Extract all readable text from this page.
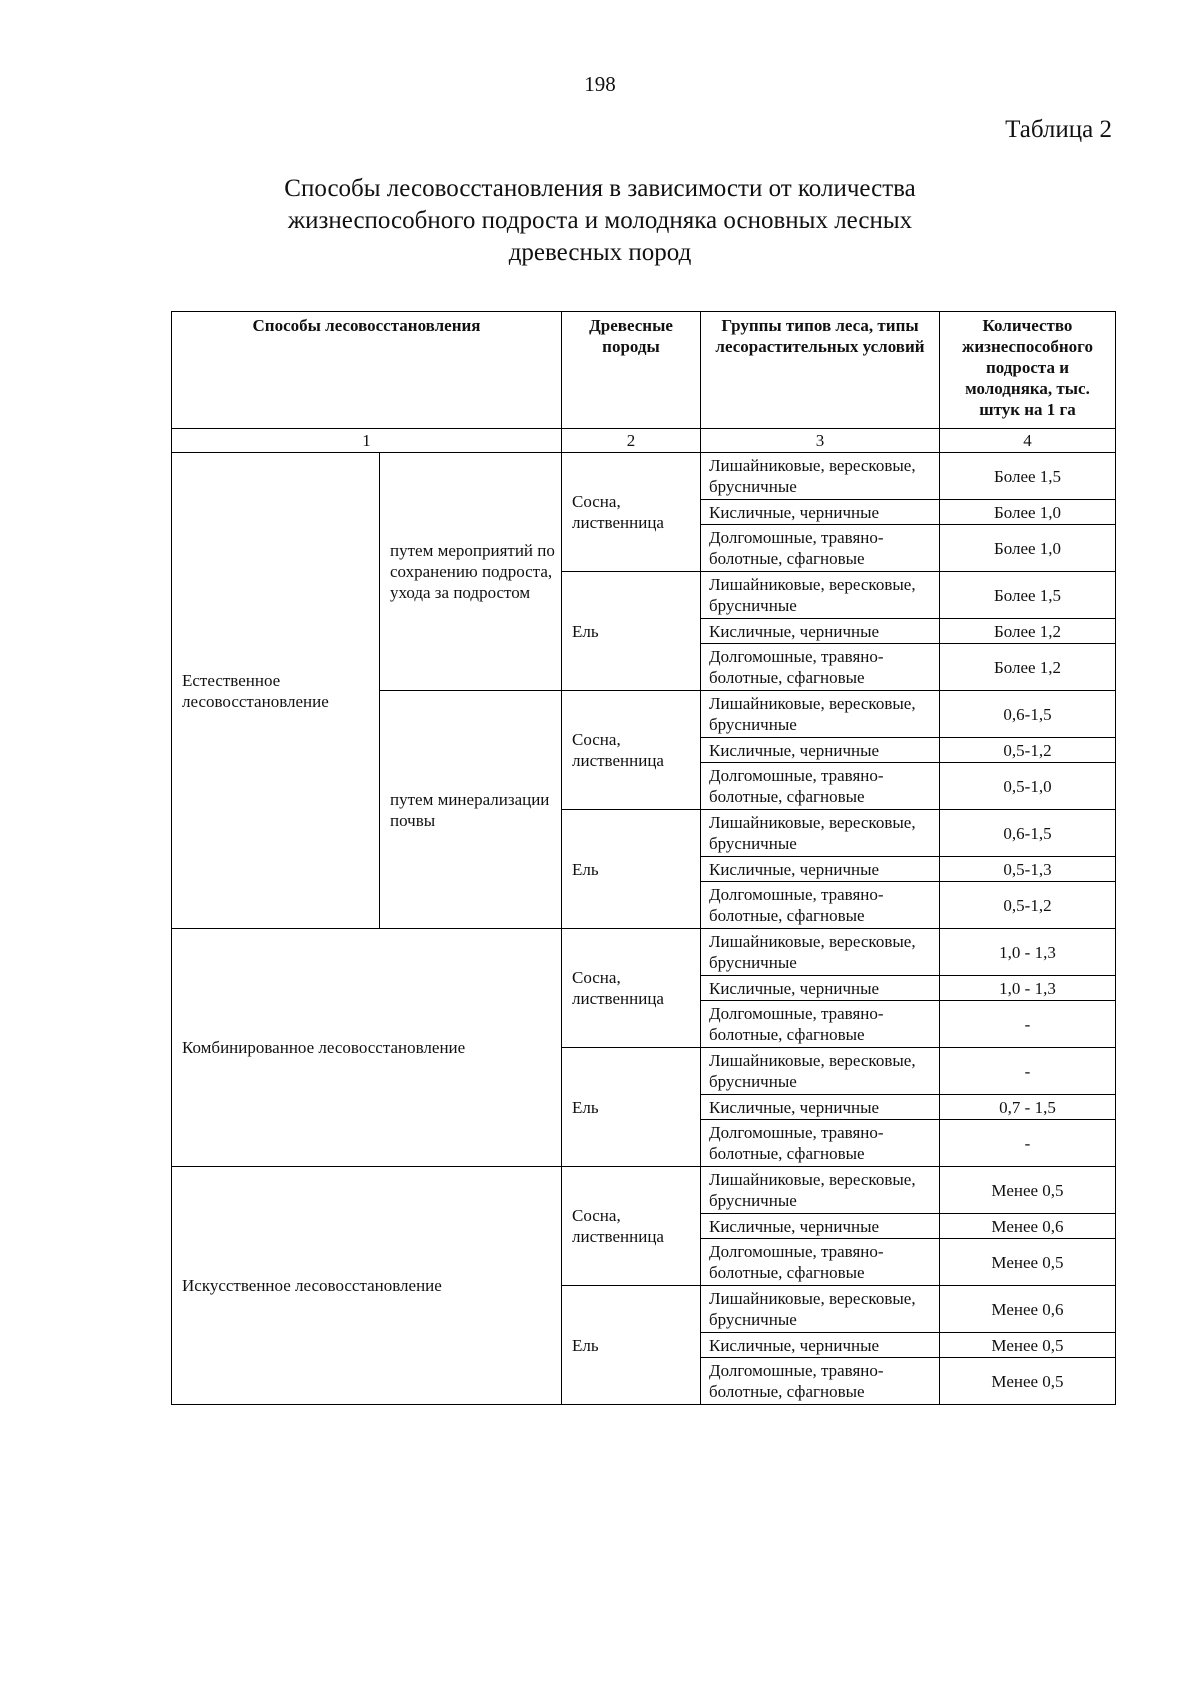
198
Таблица 2
Способы лесовосстановления в зависимости от количества
жизнеспособного подроста и молодняка основных лесных
древесных пород
Способы лесовосстановления		Древесные породы	Группы типов леса, типы лесорастительных условий	Количество жизнеспособного подроста и молодняка, тыс. штук на 1 га
1		2	3	4
Естественное лесовосстановление	путем мероприятий по сохранению подроста, ухода за подростом	Сосна, лиственница	Лишайниковые, вересковые, брусничные	Более 1,5
			Кисличные, черничные	Более 1,0
			Долгомошные, травяно-болотные, сфагновые	Более 1,0
		Ель	Лишайниковые, вересковые, брусничные	Более 1,5
			Кисличные, черничные	Более 1,2
			Долгомошные, травяно-болотные, сфагновые	Более 1,2
	путем минерализации почвы	Сосна, лиственница	Лишайниковые, вересковые, брусничные	0,6-1,5
			Кисличные, черничные	0,5-1,2
			Долгомошные, травяно-болотные, сфагновые	0,5-1,0
		Ель	Лишайниковые, вересковые, брусничные	0,6-1,5
			Кисличные, черничные	0,5-1,3
			Долгомошные, травяно-болотные, сфагновые	0,5-1,2
Комбинированное лесовосстановление		Сосна, лиственница	Лишайниковые, вересковые, брусничные	1,0 - 1,3
			Кисличные, черничные	1,0 - 1,3
			Долгомошные, травяно-болотные, сфагновые	-
		Ель	Лишайниковые, вересковые, брусничные	-
			Кисличные, черничные	0,7 - 1,5
			Долгомошные, травяно-болотные, сфагновые	-
Искусственное лесовосстановление		Сосна, лиственница	Лишайниковые, вересковые, брусничные	Менее 0,5
			Кисличные, черничные	Менее 0,6
			Долгомошные, травяно-болотные, сфагновые	Менее 0,5
		Ель	Лишайниковые, вересковые, брусничные	Менее 0,6
			Кисличные, черничные	Менее 0,5
			Долгомошные, травяно-болотные, сфагновые	Менее 0,5
